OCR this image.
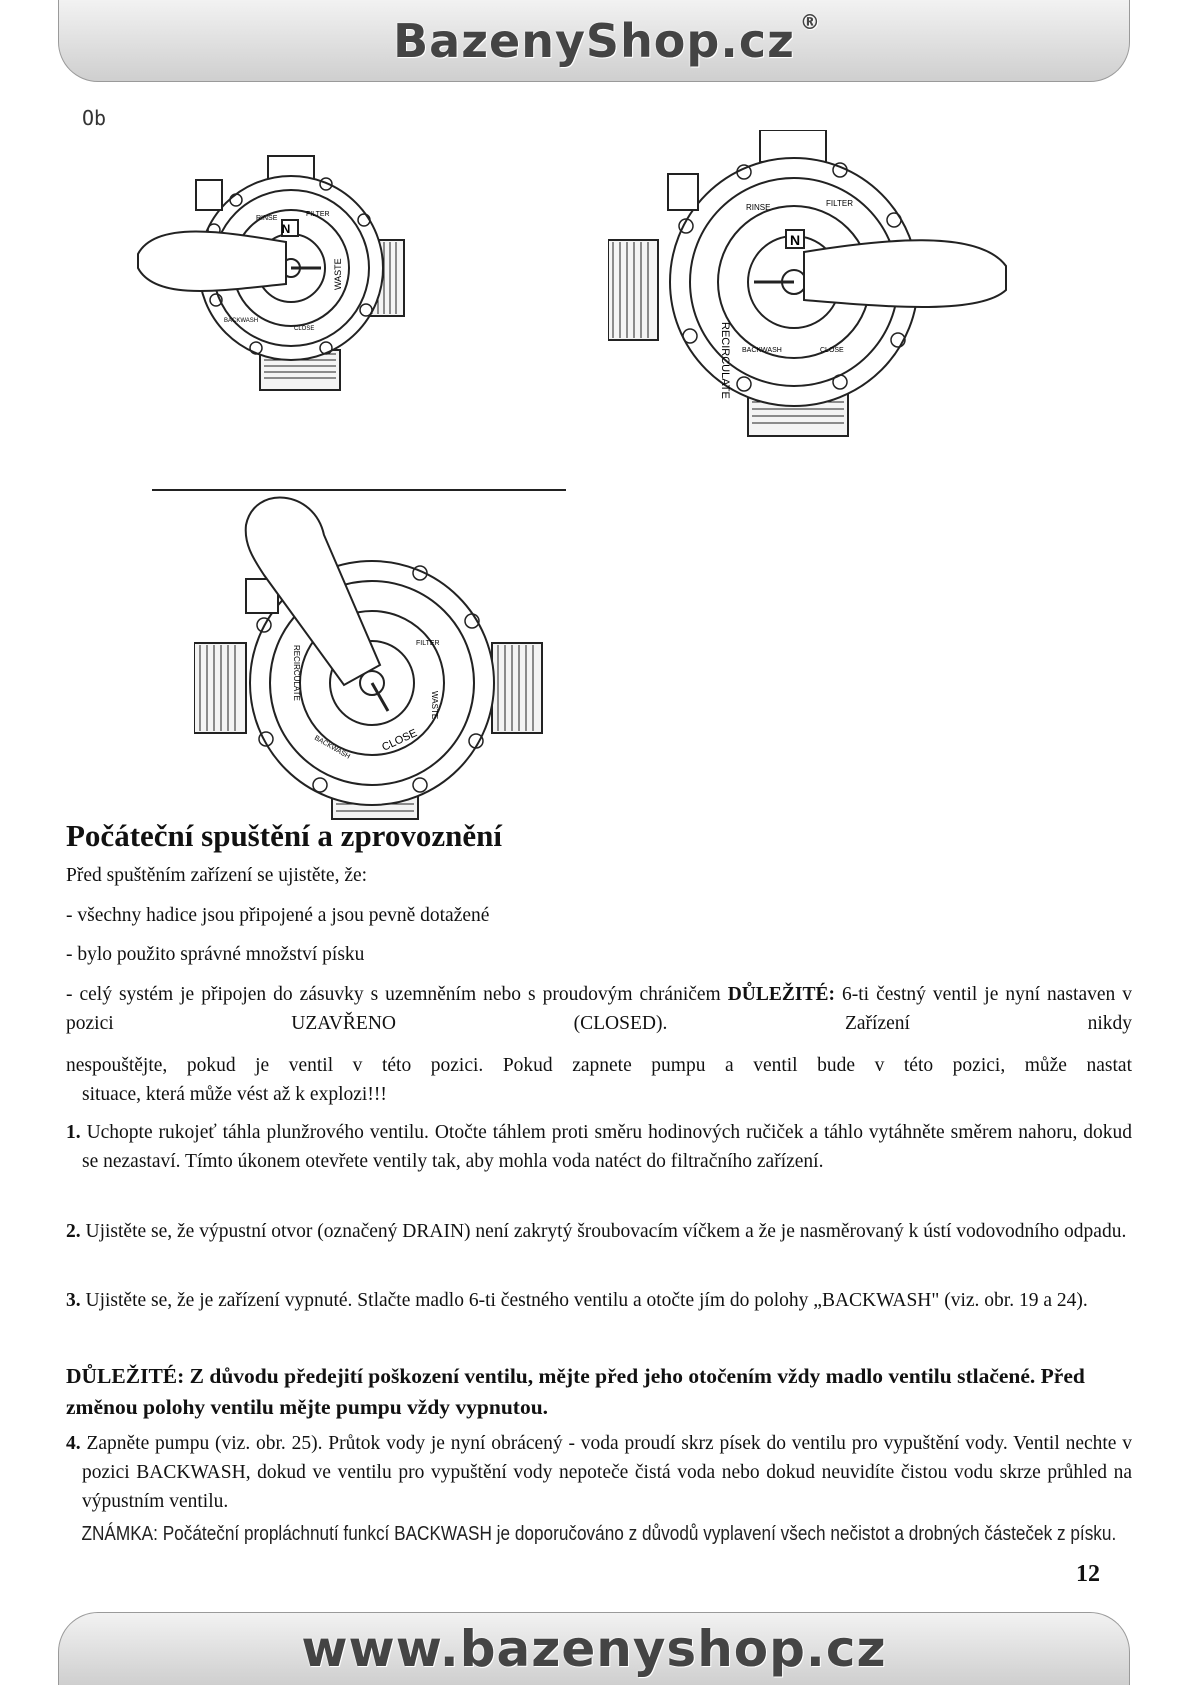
BazenyShop.cz ®
Ob
N
RINSE
FILTER
WASTE
CLOSE
BACKWASH
N
RINSE	FILTER
RECIRCULATE BACKWASH	CLOSE
FILTER
RECIRCULATE
WASTE
BACKWASH	CLOSE
Počáteční spuštění a zprovoznění

Před spuštěním zařízení se ujistěte, že:

- všechny hadice jsou připojené a jsou pevně dotažené

- bylo použito správné množství písku

- celý systém je připojen do zásuvky s uzemněním nebo s proudovým chráničem DŮLEŽITÉ: 6-ti čestný ventil je nyní nastaven v pozici UZAVŘENO (CLOSED). Zařízení nikdy

nespouštějte, pokud je ventil v této pozici. Pokud zapnete pumpu a ventil bude v této pozici, může nastat

situace, která může vést až k explozi!!!

1. Uchopte rukojeť táhla plunžrového ventilu. Otočte táhlem proti směru hodinových ručiček a táhlo vytáhněte směrem nahoru, dokud se nezastaví. Tímto úkonem otevřete ventily tak, aby mohla voda natéct do filtračního zařízení.

2. Ujistěte se, že výpustní otvor (označený DRAIN) není zakrytý šroubovacím víčkem a že je nasměrovaný k ústí vodovodního odpadu.

3. Ujistěte se, že je zařízení vypnuté. Stlačte madlo 6-ti čestného ventilu a otočte jím do polohy „BACKWASH" (viz. obr. 19 a 24).

DŮLEŽITÉ: Z důvodu předejití poškození ventilu, mějte před jeho otočením vždy madlo ventilu stlačené. Před změnou polohy ventilu mějte pumpu vždy vypnutou.

4. Zapněte pumpu (viz. obr. 25). Průtok vody je nyní obrácený - voda proudí skrz písek do ventilu pro vypuštění vody. Ventil nechte v pozici BACKWASH, dokud ve ventilu pro vypuštění vody nepoteče čistá voda nebo dokud neuvidíte čistou vodu skrze průhled na výpustním ventilu.

ZNÁMKA: Počáteční propláchnutí funkcí BACKWASH je doporučováno z důvodů vyplavení všech nečistot a drobných částeček z písku.

12
www.bazenyshop.cz
